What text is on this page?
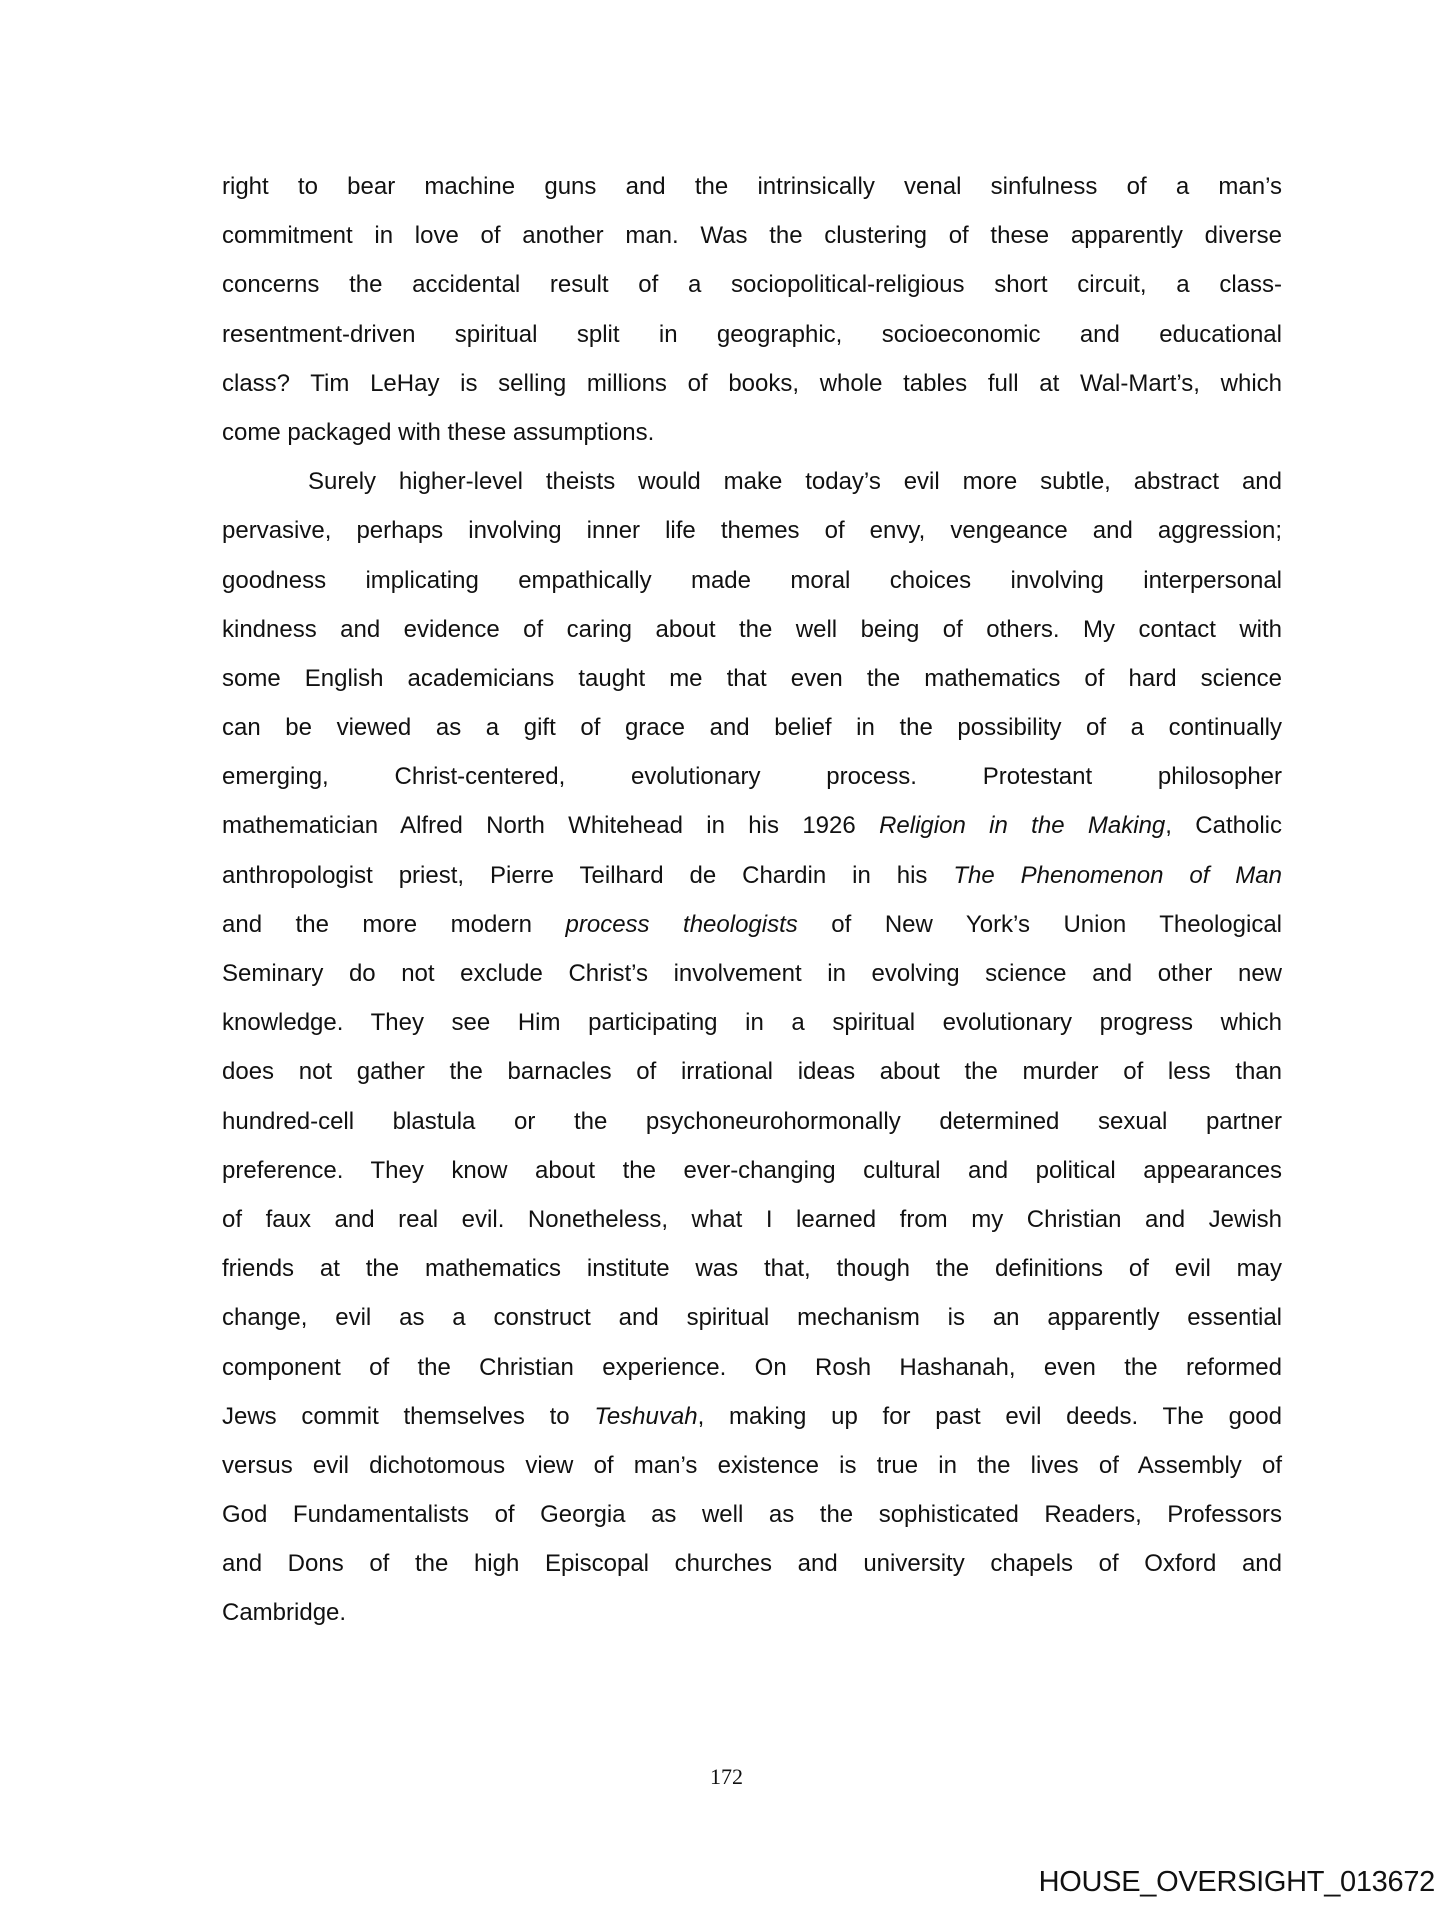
right to bear machine guns and the intrinsically venal sinfulness of a man’s
commitment in love of another man. Was the clustering of these apparently diverse
concerns the accidental result of a sociopolitical-religious short circuit, a class-
resentment-driven spiritual split in geographic, socioeconomic and educational
class? Tim LeHay is selling millions of books, whole tables full at Wal-Mart’s, which
come packaged with these assumptions.
Surely higher-level theists would make today’s evil more subtle, abstract and
pervasive, perhaps involving inner life themes of envy, vengeance and aggression;
goodness implicating empathically made moral choices involving interpersonal
kindness and evidence of caring about the well being of others. My contact with
some English academicians taught me that even the mathematics of hard science
can be viewed as a gift of grace and belief in the possibility of a continually
emerging, Christ-centered, evolutionary process. Protestant philosopher
mathematician Alfred North Whitehead in his 1926 Religion in the Making, Catholic
anthropologist priest, Pierre Teilhard de Chardin in his The Phenomenon of Man
and the more modern process theologists of New York’s Union Theological
Seminary do not exclude Christ’s involvement in evolving science and other new
knowledge. They see Him participating in a spiritual evolutionary progress which
does not gather the barnacles of irrational ideas about the murder of less than
hundred-cell blastula or the psychoneurohormonally determined sexual partner
preference. They know about the ever-changing cultural and political appearances
of faux and real evil. Nonetheless, what I learned from my Christian and Jewish
friends at the mathematics institute was that, though the definitions of evil may
change, evil as a construct and spiritual mechanism is an apparently essential
component of the Christian experience. On Rosh Hashanah, even the reformed
Jews commit themselves to Teshuvah, making up for past evil deeds. The good
versus evil dichotomous view of man’s existence is true in the lives of Assembly of
God Fundamentalists of Georgia as well as the sophisticated Readers, Professors
and Dons of the high Episcopal churches and university chapels of Oxford and
Cambridge.
172
HOUSE_OVERSIGHT_013672
